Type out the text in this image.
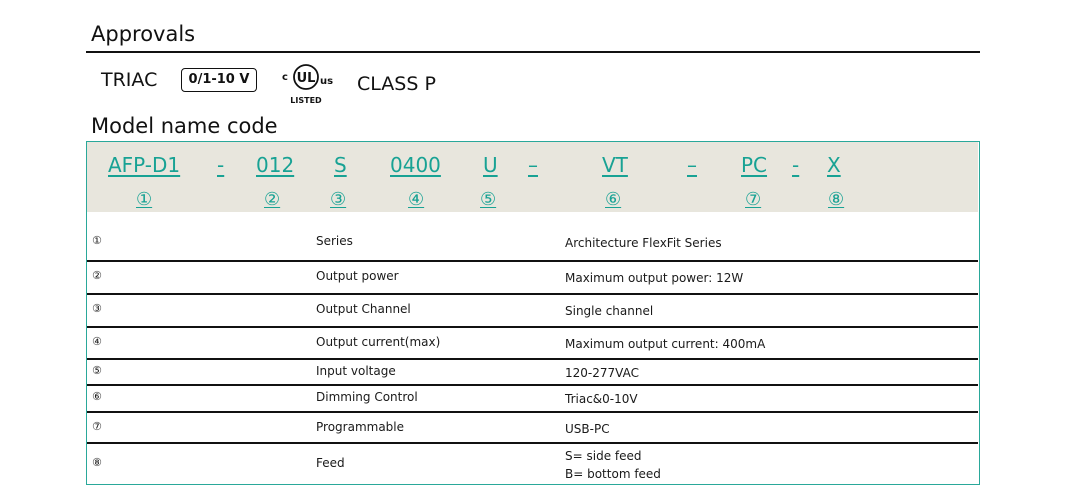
Approvals
TRIAC	0/1-10 V	c UL us
LISTED
CLASS P
Model name code
AFP-D1 - 012 S 0400 U –	VT	– PC - X
①	②	③	④	⑤	⑥	⑦	⑧
①	Series	Architecture FlexFit Series
②	Output power	Maximum output power: 12W
③	Output Channel	Single channel
④	Output current(max)	Maximum output current: 400mA
⑤	Input voltage	120-277VAC
⑥	Dimming Control	Triac&0-10V
⑦	Programmable	USB-PC
⑧	Feed	S= side feed
B= bottom feed
